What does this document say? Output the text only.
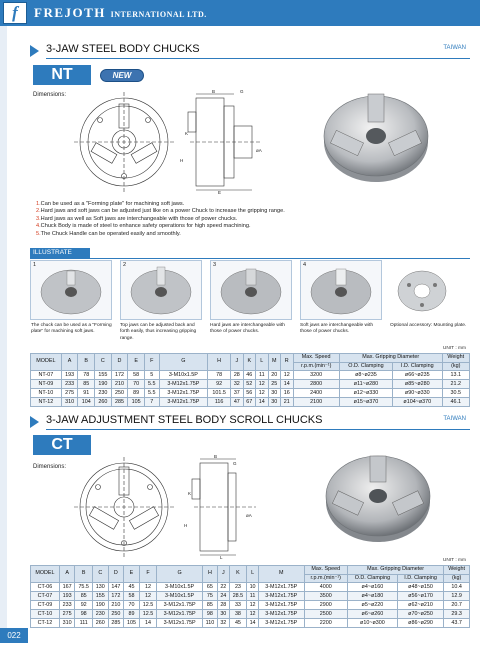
f	FREJOTH INTERNATIONAL LTD.
022
3-JAW STEEL BODY CHUCKS	TAIWAN
NT	NEW
Dimensions:
B	G
K
øA
H
E
1.Can be used as a "Forming plate" for machining soft jaws.
2.Hard jaws and soft jaws can be adjusted just like on a power Chuck to increase the gripping range.
3.Hard jaws as well as Soft jaws are interchangeable with those of power chucks.
4.Chuck Body is made of steel to enhance safety operations for high speed machining.
5.The Chuck Handle can be operated easily and smoothly.
ILLUSTRATE
1	2	3	4
The chuck can be used as a "Forming plate" for machining soft jaws.
Top jaws can be adjusted back and forth easily, thus increasing gripping range.
Hard jaws are interchangeable with those of power chucks.
Soft jaws are interchangeable with those of power chucks.
Optional accessory: Mounting plate.
UNIT : mm
MODEL	A	B	C	D	E	F	G	H	J	K	L	M	R	Max. Speed	Max. Gripping Diameter		Weight
														r.p.m.(min⁻¹)	O.D. Clamping	I.D. Clamping	(kg)
NT-07	193	78	155	172	58	5	3-M10x1.5P	78	28	46	11	20	12	3200	ø8~ø235	ø66~ø235	13.1
NT-09	233	85	190	210	70	5.5	3-M12x1.75P	92	32	52	12	25	14	2800	ø11~ø280	ø85~ø280	21.2
NT-10	275	91	230	250	89	5.5	3-M12x1.75P	101.5	37	56	12	30	16	2400	ø12~ø330	ø90~ø330	30.5
NT-12	310	104	260	285	105	7	3-M12x1.75P	116	47	67	14	30	21	2100	ø15~ø370	ø104~ø370	46.1
3-JAW ADJUSTMENT STEEL BODY SCROLL CHUCKS	TAIWAN
CT
Dimensions:
B
G
K
øA
H
L
UNIT : mm
MODEL	A	B	C	D	E	F	G	H	J	K	L	M	Max. Speed	Max. Gripping Diameter		Weight
													r.p.m.(min⁻¹)	O.D. Clamping	I.D. Clamping	(kg)
CT-06	167	75.5	130	147	45	12	3-M10x1.5P	65	22	23	10	3-M12x1.75P	4000	ø4~ø160	ø48~ø150	10.4
CT-07	193	85	155	172	58	12	3-M10x1.5P	75	24	28.5	11	3-M12x1.75P	3500	ø4~ø180	ø56~ø170	12.9
CT-09	233	92	190	210	70	12.5	3-M12x1.75P	85	28	33	12	3-M12x1.75P	2900	ø5~ø220	ø62~ø210	20.7
CT-10	275	98	230	250	89	12.5	3-M12x1.75P	98	30	38	12	3-M12x1.75P	2500	ø6~ø260	ø70~ø250	29.3
CT-12	310	111	260	285	105	14	3-M12x1.75P	110	32	45	14	3-M12x1.75P	2200	ø10~ø300	ø86~ø290	43.7
